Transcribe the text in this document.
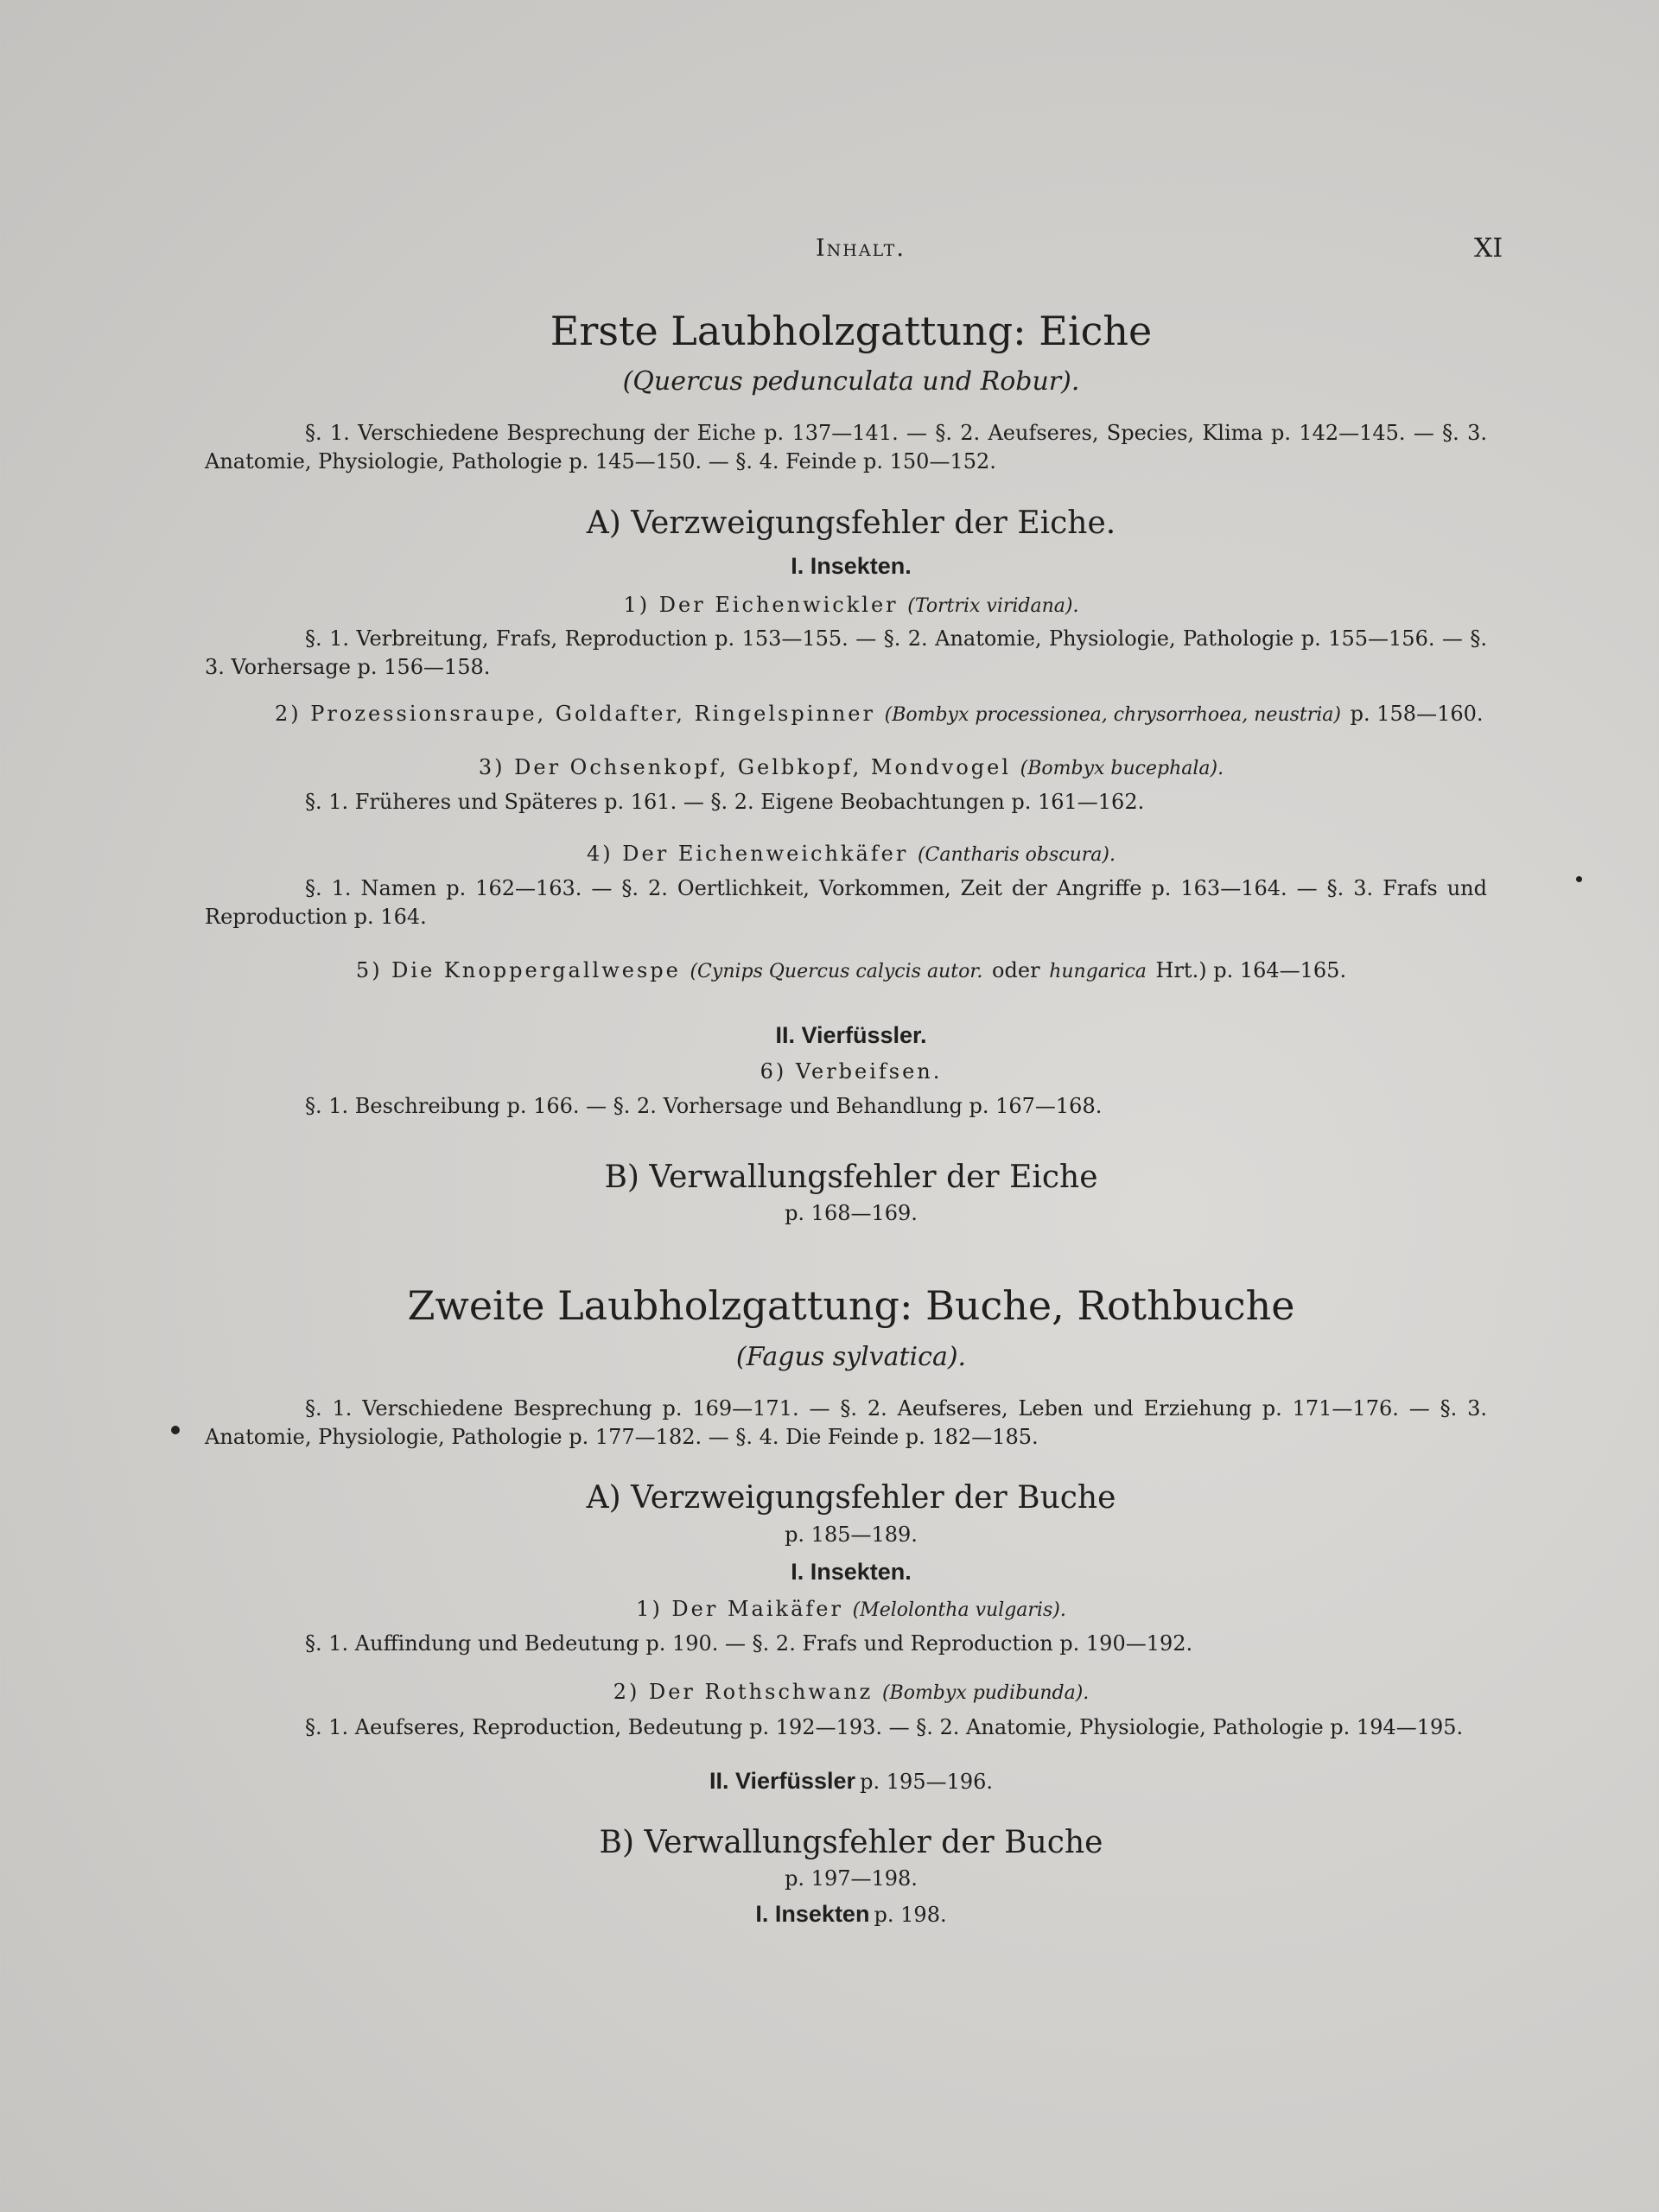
Inhalt.	XI
Erste Laubholzgattung: Eiche
(Quercus pedunculata und Robur).
§. 1. Verschiedene Besprechung der Eiche p. 137—141. — §. 2. Aeufseres, Species, Klima p. 142—145. — §. 3. Anatomie, Physiologie, Pathologie p. 145—150. — §. 4. Feinde p. 150—152.
A) Verzweigungsfehler der Eiche.
I. Insekten.
1) Der Eichenwickler (Tortrix viridana).
§. 1. Verbreitung, Frafs, Reproduction p. 153—155. — §. 2. Anatomie, Physiologie, Pathologie p. 155—156. — §. 3. Vorhersage p. 156—158.
2) Prozessionsraupe, Goldafter, Ringelspinner (Bombyx processionea, chrysorrhoea, neustria) p. 158—160.
3) Der Ochsenkopf, Gelbkopf, Mondvogel (Bombyx bucephala).
§. 1. Früheres und Späteres p. 161. — §. 2. Eigene Beobachtungen p. 161—162.
4) Der Eichenweichkäfer (Cantharis obscura).
§. 1. Namen p. 162—163. — §. 2. Oertlichkeit, Vorkommen, Zeit der Angriffe p. 163—164. — §. 3. Frafs und Reproduction p. 164.
5) Die Knoppergallwespe (Cynips Quercus calycis autor. oder hungarica Hrt.) p. 164—165.
II. Vierfüssler.
6) Verbeifsen.
§. 1. Beschreibung p. 166. — §. 2. Vorhersage und Behandlung p. 167—168.
B) Verwallungsfehler der Eiche
p. 168—169.
Zweite Laubholzgattung: Buche, Rothbuche
(Fagus sylvatica).
§. 1. Verschiedene Besprechung p. 169—171. — §. 2. Aeufseres, Leben und Erziehung p. 171—176. — §. 3. Anatomie, Physiologie, Pathologie p. 177—182. — §. 4. Die Feinde p. 182—185.
A) Verzweigungsfehler der Buche
p. 185—189.
I. Insekten.
1) Der Maikäfer (Melolontha vulgaris).
§. 1. Auffindung und Bedeutung p. 190. — §. 2. Frafs und Reproduction p. 190—192.
2) Der Rothschwanz (Bombyx pudibunda).
§. 1. Aeufseres, Reproduction, Bedeutung p. 192—193. — §. 2. Anatomie, Physiologie, Pathologie p. 194—195.
II. Vierfüssler p. 195—196.
B) Verwallungsfehler der Buche
p. 197—198.
I. Insekten p. 198.
